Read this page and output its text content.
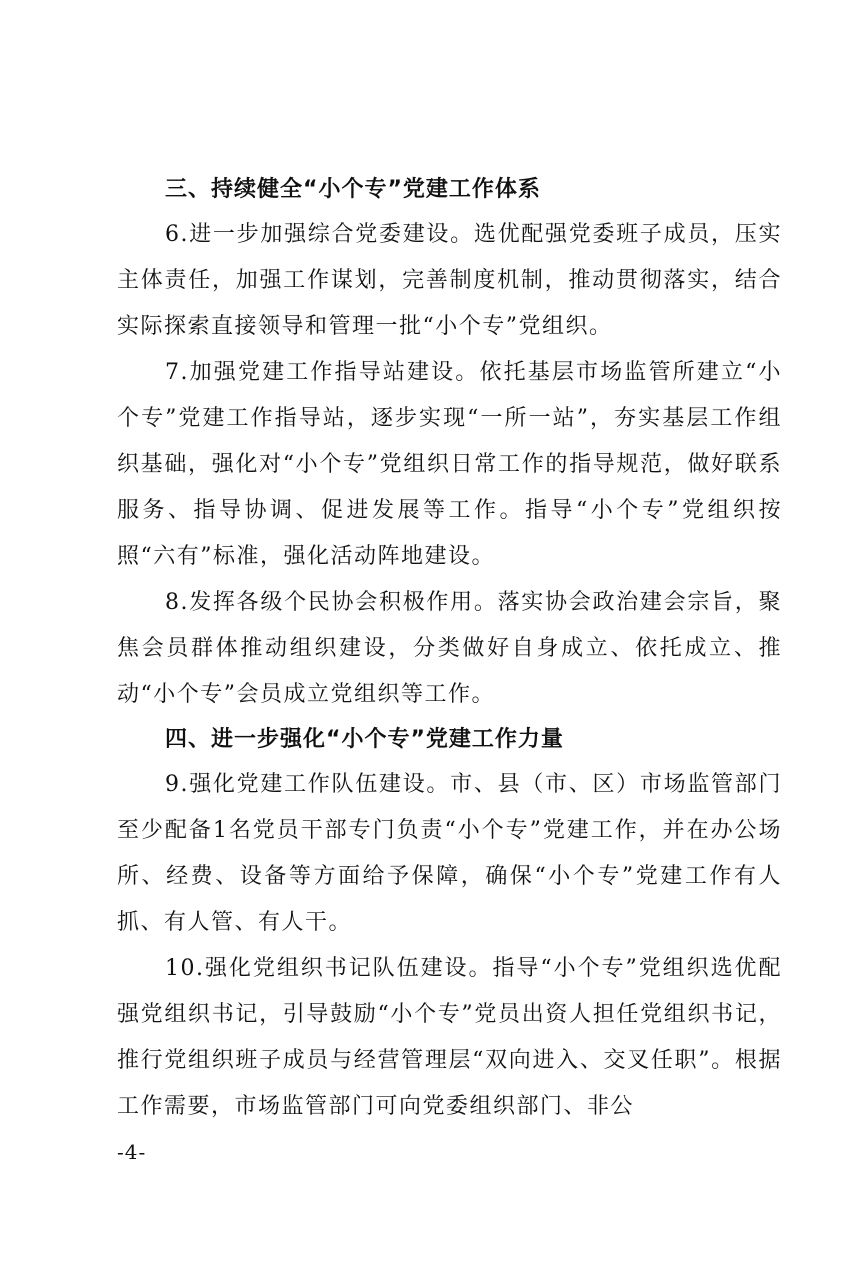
三、持续健全“小个专”党建工作体系

6.进一步加强综合党委建设。选优配强党委班子成员，压实主体责任，加强工作谋划，完善制度机制，推动贯彻落实，结合实际探索直接领导和管理一批“小个专”党组织。

7.加强党建工作指导站建设。依托基层市场监管所建立“小个专”党建工作指导站，逐步实现“一所一站”，夯实基层工作组织基础，强化对“小个专”党组织日常工作的指导规范，做好联系服务、指导协调、促进发展等工作。指导“小个专”党组织按照“六有”标准，强化活动阵地建设。

8.发挥各级个民协会积极作用。落实协会政治建会宗旨，聚焦会员群体推动组织建设，分类做好自身成立、依托成立、推动“小个专”会员成立党组织等工作。

四、进一步强化“小个专”党建工作力量

9.强化党建工作队伍建设。市、县（市、区）市场监管部门至少配备1名党员干部专门负责“小个专”党建工作，并在办公场所、经费、设备等方面给予保障，确保“小个专”党建工作有人抓、有人管、有人干。

10.强化党组织书记队伍建设。指导“小个专”党组织选优配强党组织书记，引导鼓励“小个专”党员出资人担任党组织书记，推行党组织班子成员与经营管理层“双向进入、交叉任职”。根据工作需要，市场监管部门可向党委组织部门、非公

-4-
